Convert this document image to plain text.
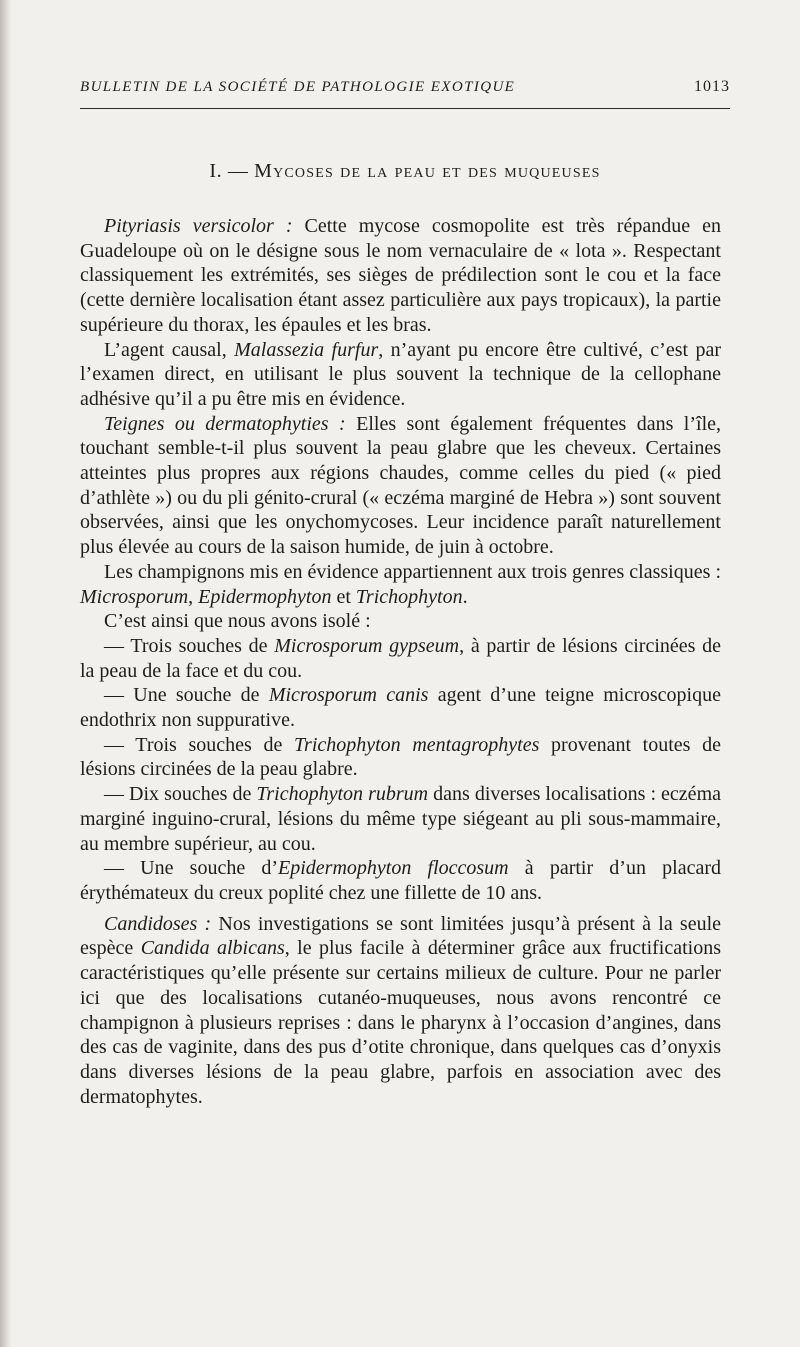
BULLETIN DE LA SOCIÉTÉ DE PATHOLOGIE EXOTIQUE	1013
I. — Mycoses de la peau et des muqueuses

Pityriasis versicolor : Cette mycose cosmopolite est très répandue en Guadeloupe où on le désigne sous le nom vernaculaire de « lota ». Respectant classiquement les extrémités, ses sièges de prédilection sont le cou et la face (cette dernière localisation étant assez particulière aux pays tropicaux), la partie supérieure du thorax, les épaules et les bras.

L’agent causal, Malassezia furfur, n’ayant pu encore être cultivé, c’est par l’examen direct, en utilisant le plus souvent la technique de la cellophane adhésive qu’il a pu être mis en évidence.

Teignes ou dermatophyties : Elles sont également fréquentes dans l’île, touchant semble-t-il plus souvent la peau glabre que les cheveux. Certaines atteintes plus propres aux régions chaudes, comme celles du pied (« pied d’athlète ») ou du pli génito-crural (« eczéma marginé de Hebra ») sont souvent observées, ainsi que les onychomycoses. Leur incidence paraît naturellement plus élevée au cours de la saison humide, de juin à octobre.

Les champignons mis en évidence appartiennent aux trois genres classiques : Microsporum, Epidermophyton et Trichophyton.

C’est ainsi que nous avons isolé :

— Trois souches de Microsporum gypseum, à partir de lésions circinées de la peau de la face et du cou.

— Une souche de Microsporum canis agent d’une teigne microscopique endothrix non suppurative.

— Trois souches de Trichophyton mentagrophytes provenant toutes de lésions circinées de la peau glabre.

— Dix souches de Trichophyton rubrum dans diverses localisations : eczéma marginé inguino-crural, lésions du même type siégeant au pli sous-mammaire, au membre supérieur, au cou.

— Une souche d’Epidermophyton floccosum à partir d’un placard érythémateux du creux poplité chez une fillette de 10 ans.

Candidoses : Nos investigations se sont limitées jusqu’à présent à la seule espèce Candida albicans, le plus facile à déterminer grâce aux fructifications caractéristiques qu’elle présente sur certains milieux de culture. Pour ne parler ici que des localisations cutanéo-muqueuses, nous avons rencontré ce champignon à plusieurs reprises : dans le pharynx à l’occasion d’angines, dans des cas de vaginite, dans des pus d’otite chronique, dans quelques cas d’onyxis dans diverses lésions de la peau glabre, parfois en association avec des dermatophytes.
